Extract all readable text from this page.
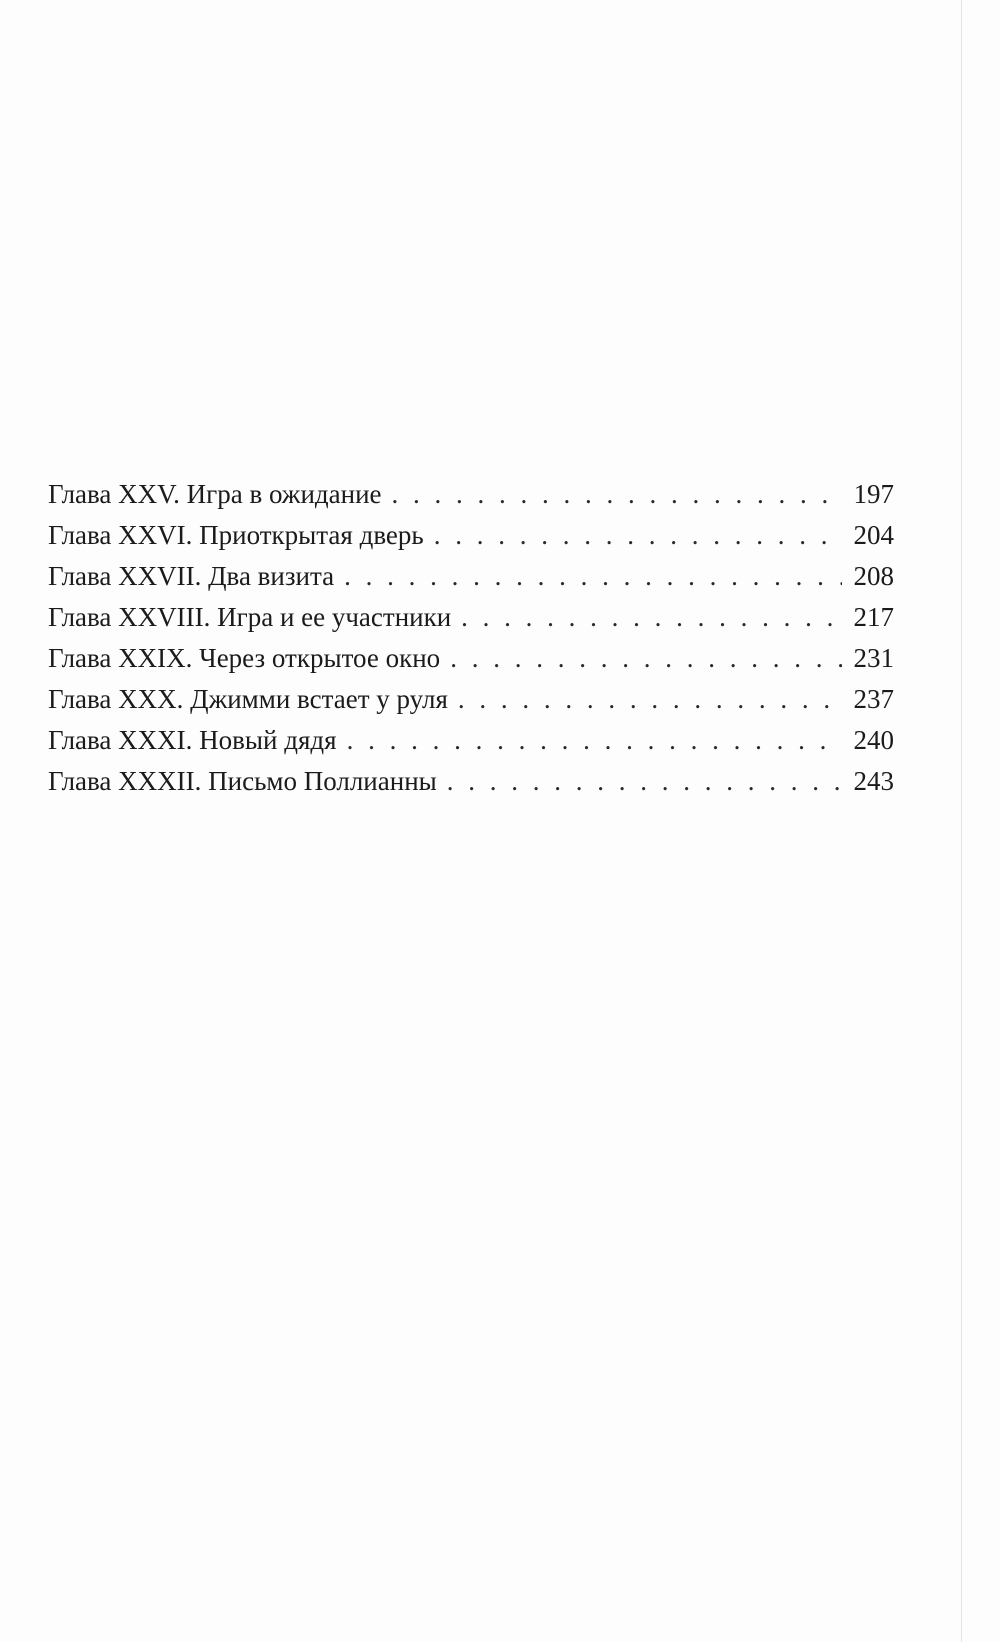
Глава XXV. Игра в ожидание . . .	197
Глава XXVI. Приоткрытая дверь . . .	204
Глава XXVII. Два визита . . .	208
Глава XXVIII. Игра и ее участники . . .	217
Глава XXIX. Через открытое окно . . .	231
Глава XXX. Джимми встает у руля . . .	237
Глава XXXI. Новый дядя . . .	240
Глава XXXII. Письмо Поллианны . . .	243
